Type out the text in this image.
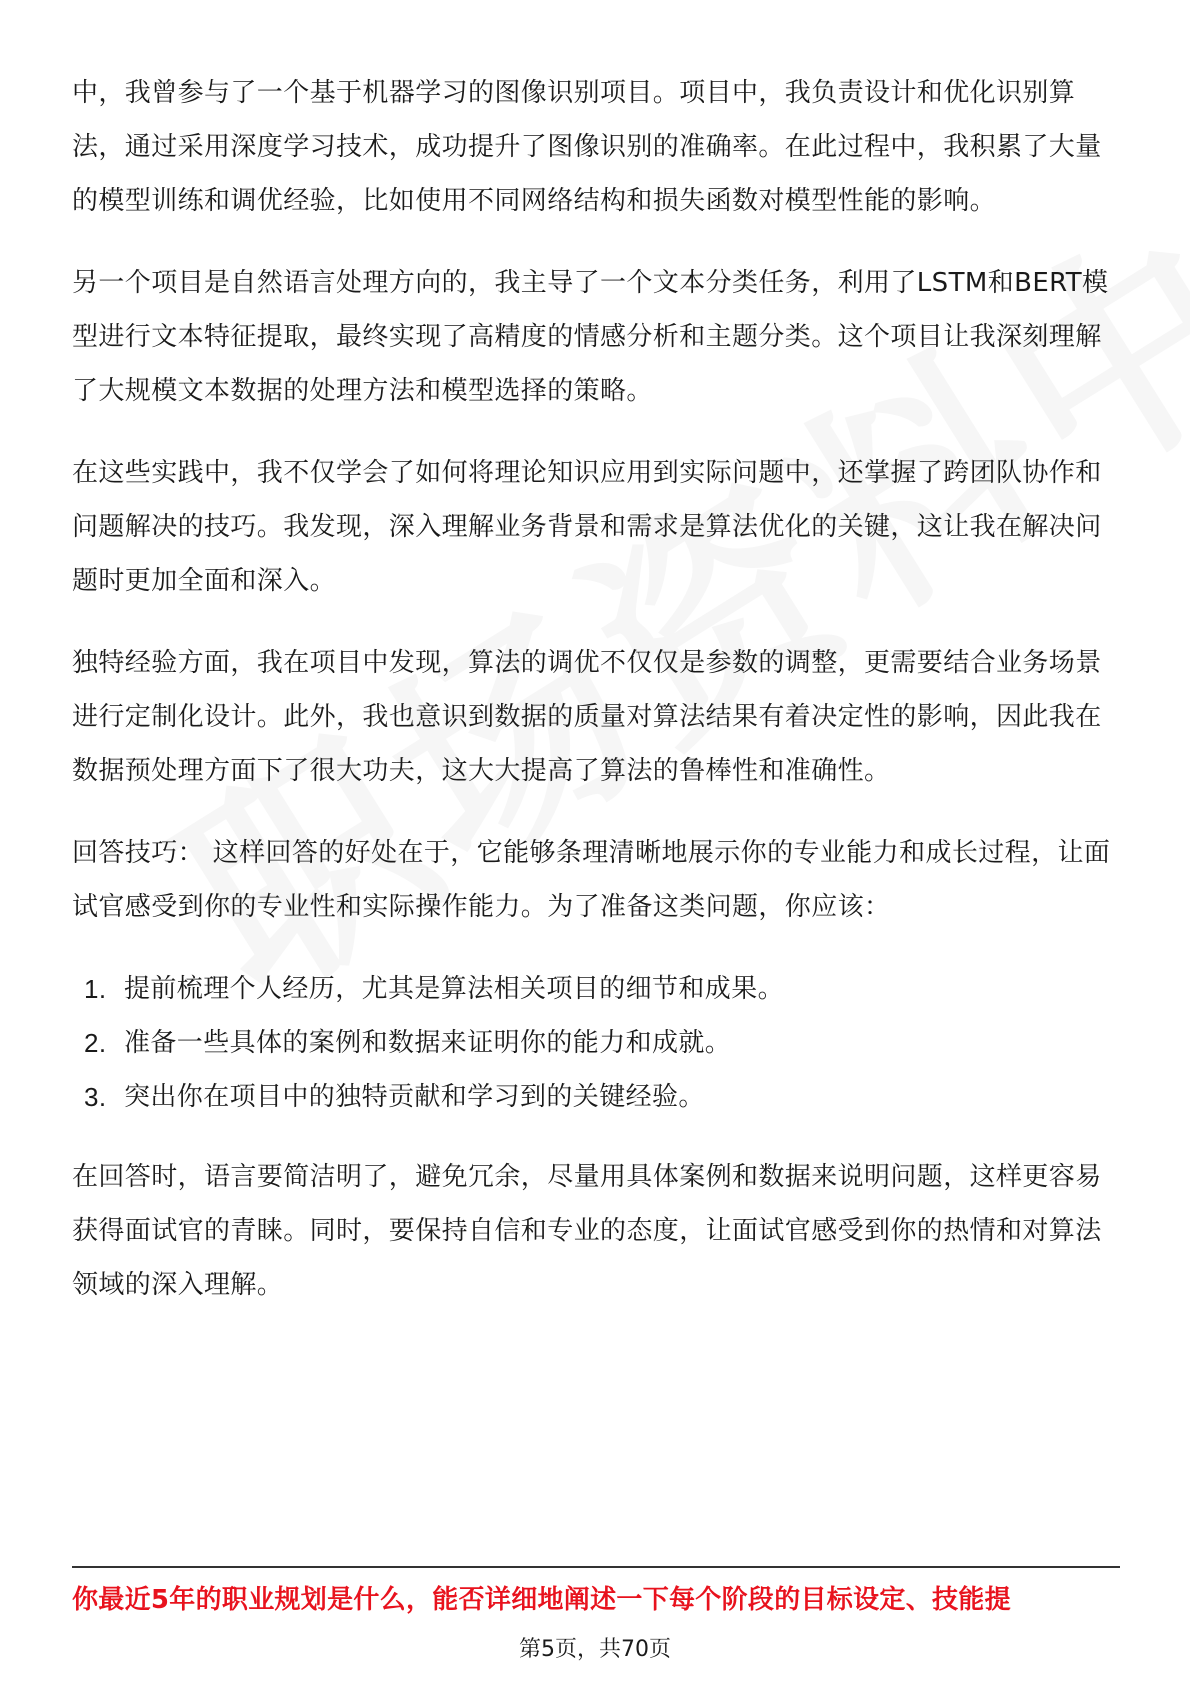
中，我曾参与了一个基于机器学习的图像识别项目。项目中，我负责设计和优化识别算法，通过采用深度学习技术，成功提升了图像识别的准确率。在此过程中，我积累了大量的模型训练和调优经验，比如使用不同网络结构和损失函数对模型性能的影响。

另一个项目是自然语言处理方向的，我主导了一个文本分类任务，利用了LSTM和BERT模型进行文本特征提取，最终实现了高精度的情感分析和主题分类。这个项目让我深刻理解了大规模文本数据的处理方法和模型选择的策略。

在这些实践中，我不仅学会了如何将理论知识应用到实际问题中，还掌握了跨团队协作和问题解决的技巧。我发现，深入理解业务背景和需求是算法优化的关键，这让我在解决问题时更加全面和深入。

独特经验方面，我在项目中发现，算法的调优不仅仅是参数的调整，更需要结合业务场景进行定制化设计。此外，我也意识到数据的质量对算法结果有着决定性的影响，因此我在数据预处理方面下了很大功夫，这大大提高了算法的鲁棒性和准确性。

回答技巧： 这样回答的好处在于，它能够条理清晰地展示你的专业能力和成长过程，让面试官感受到你的专业性和实际操作能力。为了准备这类问题，你应该：

1. 提前梳理个人经历，尤其是算法相关项目的细节和成果。
2. 准备一些具体的案例和数据来证明你的能力和成就。
3. 突出你在项目中的独特贡献和学习到的关键经验。

在回答时，语言要简洁明了，避免冗余，尽量用具体案例和数据来说明问题，这样更容易获得面试官的青睐。同时，要保持自信和专业的态度，让面试官感受到你的热情和对算法领域的深入理解。

你最近5年的职业规划是什么，能否详细地阐述一下每个阶段的目标设定、技能提
第5页，共70页
